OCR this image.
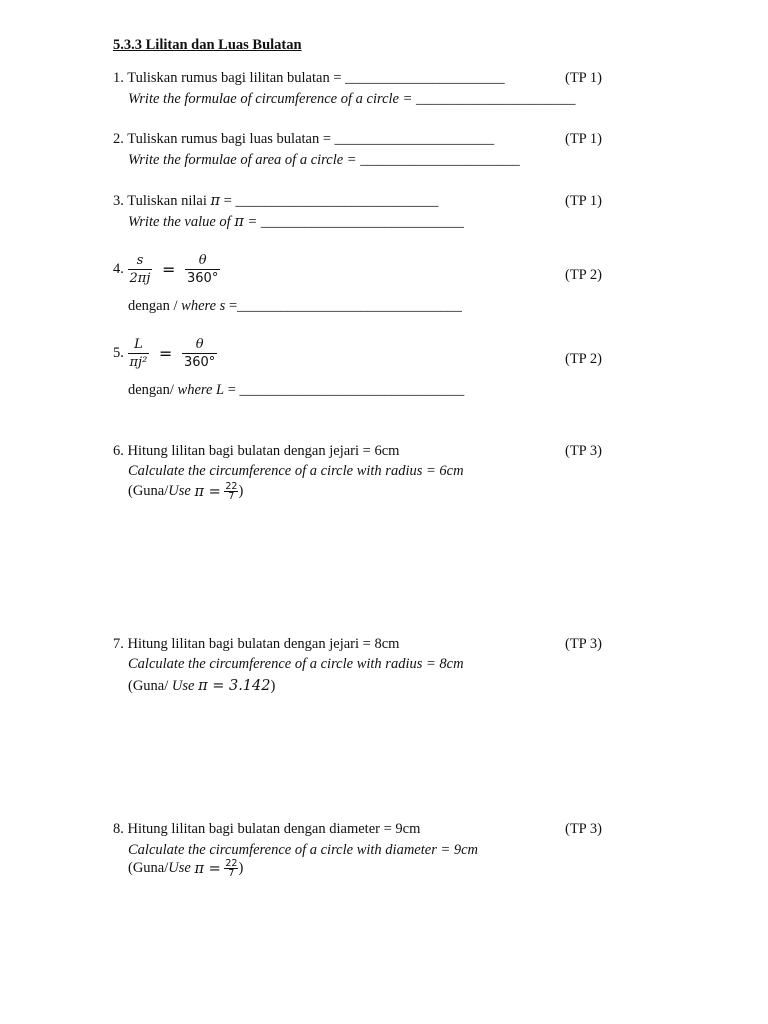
5.3.3 Lilitan dan Luas Bulatan
1. Tuliskan rumus bagi lilitan bulatan = ______________________
Write the formulae of circumference of a circle = ______________________
(TP 1)
2. Tuliskan rumus bagi luas bulatan = ______________________
Write the formulae of area of a circle = ______________________
(TP 1)
3. Tuliskan nilai π = ____________________________
Write the value of π = ____________________________
(TP 1)
4. $\frac{s}{2\pi j} = \frac{\theta}{360^\circ}$
dengan / where s =_______________________________
(TP 2)
5. $\frac{L}{\text{πj²}} = \frac{\theta}{360^\circ}$
dengan/ where L = _______________________________
(TP 2)
6. Hitung lilitan bagi bulatan dengan jejari = 6cm
Calculate the circumference of a circle with radius = 6cm
(Guna/Use $\pi = \frac{22}{7}$ )
(TP 3)
7. Hitung lilitan bagi bulatan dengan jejari = 8cm
Calculate the circumference of a circle with radius = 8cm
(Guna/ Use π = 3.142)
(TP 3)
8. Hitung lilitan bagi bulatan dengan diameter = 9cm
Calculate the circumference of a circle with diameter = 9cm
(Guna/Use $\pi = \frac{22}{7}$ )
(TP 3)
